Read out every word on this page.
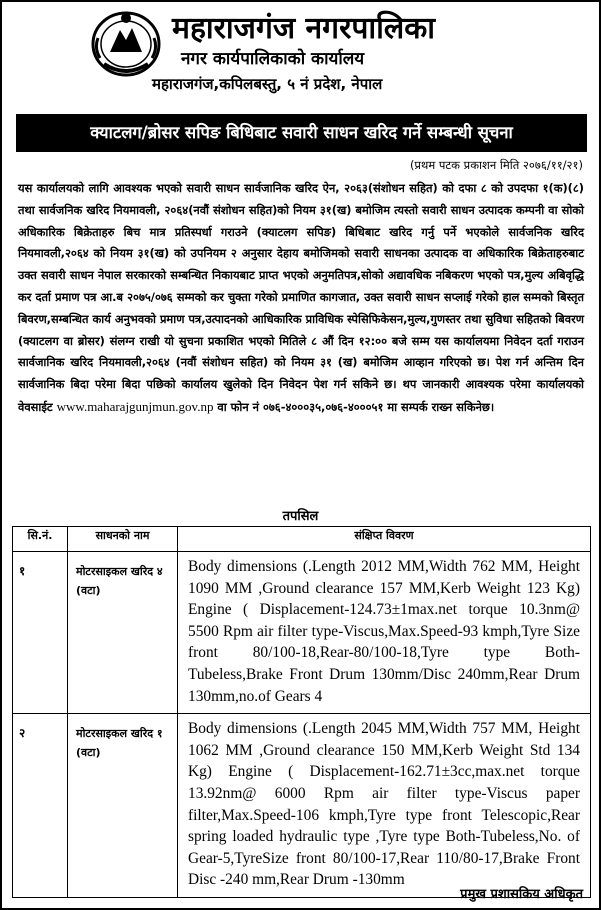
महाराजगंज नगरपालिका
नगर कार्यपालिकाको कार्यालय
महाराजगंज,कपिलबस्तु, ५ नं प्रदेश, नेपाल
क्याटलग/ब्रोसर सपिङ बिधिबाट सवारी साधन खरिद गर्ने सम्बन्धी सूचना
(प्रथम पटक प्रकाशन मिति २०७६/११/२१)
यस कार्यालयको लागि आवश्यक भएको सवारी साधन सार्वजानिक खरिद ऐन, २०६३(संशोधन सहित) को दफा ८ को उपदफा १(क)(८) तथा सार्वजनिक खरिद नियमावली, २०६४(नवौं संशोधन सहित)को नियम ३१(ख) बमोजिम त्यस्तो सवारी साधन उत्पादक कम्पनी वा सोको अधिकारिक बिक्रेताहरु बिच मात्र प्रतिस्पर्धा गराउने (क्याटलग सपिङ) बिधिबाट खरिद गर्नु पर्ने भएकोले सार्वजनिक खरिद नियमावली,२०६४ को नियम ३१(ख) को उपनियम २ अनुसार देहाय बमोजिमको सवारी साधनका उत्पादक वा अधिकारिक बिक्रेताहरुबाट उक्त सवारी साधन नेपाल सरकारको सम्बन्धित निकायबाट प्राप्त भएको अनुमतिपत्र,सोको अद्यावधिक नबिकरण भएको पत्र,मुल्य अबिवृद्धि कर दर्ता प्रमाण पत्र आ.ब २०७५/०७६ सम्मको कर चुक्ता गरेको प्रमाणित कागजात, उक्त सवारी साधन सप्लाई गरेको हाल सम्मको बिस्तृत बिवरण,सम्बन्धित कार्य अनुभवको प्रमाण पत्र,उत्पादनको आधिकारिक प्राविधिक स्पेसिफिकेसन,मुल्य,गुणस्तर तथा सुविधा सहितको बिवरण (क्याटलग वा ब्रोसर) संलग्न राखी यो सुचना प्रकाशित भएको मितिले ८ औं दिन १२:०० बजे सम्म यस कार्यालयमा निवेदन दर्ता गराउन सार्वजानिक खरिद नियमावली,२०६४ (नवौं संशोधन सहित) को नियम ३१ (ख) बमोजिम आव्हान गरिएको छ। पेश गर्न अन्तिम दिन सार्वजानिक बिदा परेमा बिदा पछिको कार्यालय खुलेको दिन निवेदन पेश गर्न सकिने छ। थप जानकारी आवश्यक परेमा कार्यालयको वेवसाईट www.maharajgunjmun.gov.np वा फोन नं ०७६-४०००३५,०७६-४०००५१ मा सम्पर्क राख्न सकिनेछ।
तपसिल
सि.नं.	साधनको नाम	संक्षिप्त विवरण
१	मोटरसाइकल खरिद ४ (वटा)	Body dimensions (.Length 2012 MM,Width 762 MM, Height 1090 MM ,Ground clearance 157 MM,Kerb Weight 123 Kg) Engine ( Displacement-124.73±1max.net torque 10.3nm@ 5500 Rpm air filter type-Viscus,Max.Speed-93 kmph,Tyre Size front 80/100-18,Rear-80/100-18,Tyre type Both-Tubeless,Brake Front Drum 130mm/Disc 240mm,Rear Drum 130mm,no.of Gears 4
२	मोटरसाइकल खरिद १ (वटा)	Body dimensions (.Length 2045 MM,Width 757 MM, Height 1062 MM ,Ground clearance 150 MM,Kerb Weight Std 134 Kg) Engine ( Displacement-162.71±3cc,max.net torque 13.92nm@ 6000 Rpm air filter type-Viscus paper filter,Max.Speed-106 kmph,Tyre type front Telescopic,Rear spring loaded hydraulic type ,Tyre type Both-Tubeless,No. of Gear-5,TyreSize front 80/100-17,Rear 110/80-17,Brake Front Disc -240 mm,Rear Drum -130mm
प्रमुख प्रशासकिय अधिकृत
